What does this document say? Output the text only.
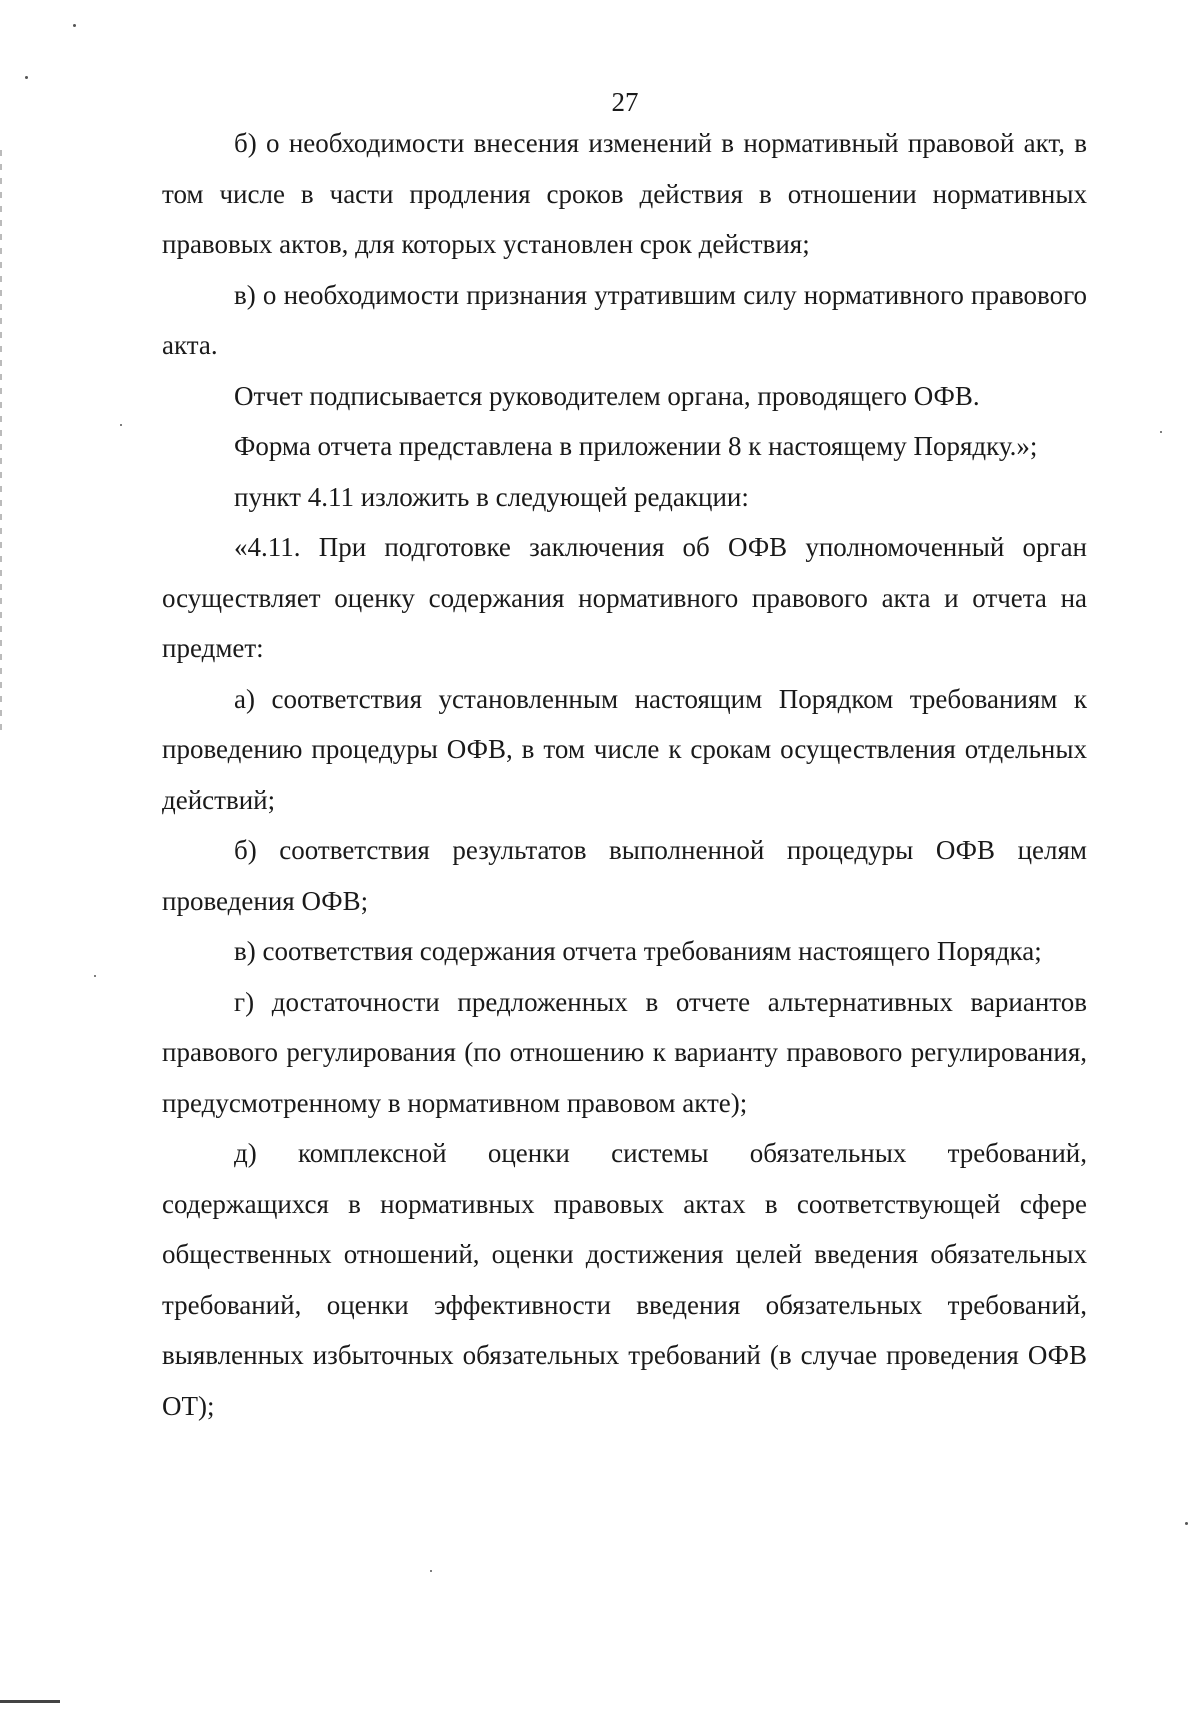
27

б) о необходимости внесения изменений в нормативный правовой акт, в том числе в части продления сроков действия в отношении нормативных правовых актов, для которых установлен срок действия;

в) о необходимости признания утратившим силу нормативного правового акта.

Отчет подписывается руководителем органа, проводящего ОФВ.

Форма отчета представлена в приложении 8 к настоящему Порядку.»;

пункт 4.11 изложить в следующей редакции:

«4.11. При подготовке заключения об ОФВ уполномоченный орган осуществляет оценку содержания нормативного правового акта и отчета на предмет:

а) соответствия установленным настоящим Порядком требованиям к проведению процедуры ОФВ, в том числе к срокам осуществления отдельных действий;

б) соответствия результатов выполненной процедуры ОФВ целям проведения ОФВ;

в) соответствия содержания отчета требованиям настоящего Порядка;

г) достаточности предложенных в отчете альтернативных вариантов правового регулирования (по отношению к варианту правового регулирования, предусмотренному в нормативном правовом акте);

д) комплексной оценки системы обязательных требований, содержащихся в нормативных правовых актах в соответствующей сфере общественных отношений, оценки достижения целей введения обязательных требований, оценки эффективности введения обязательных требований, выявленных избыточных обязательных требований (в случае проведения ОФВ ОТ);
